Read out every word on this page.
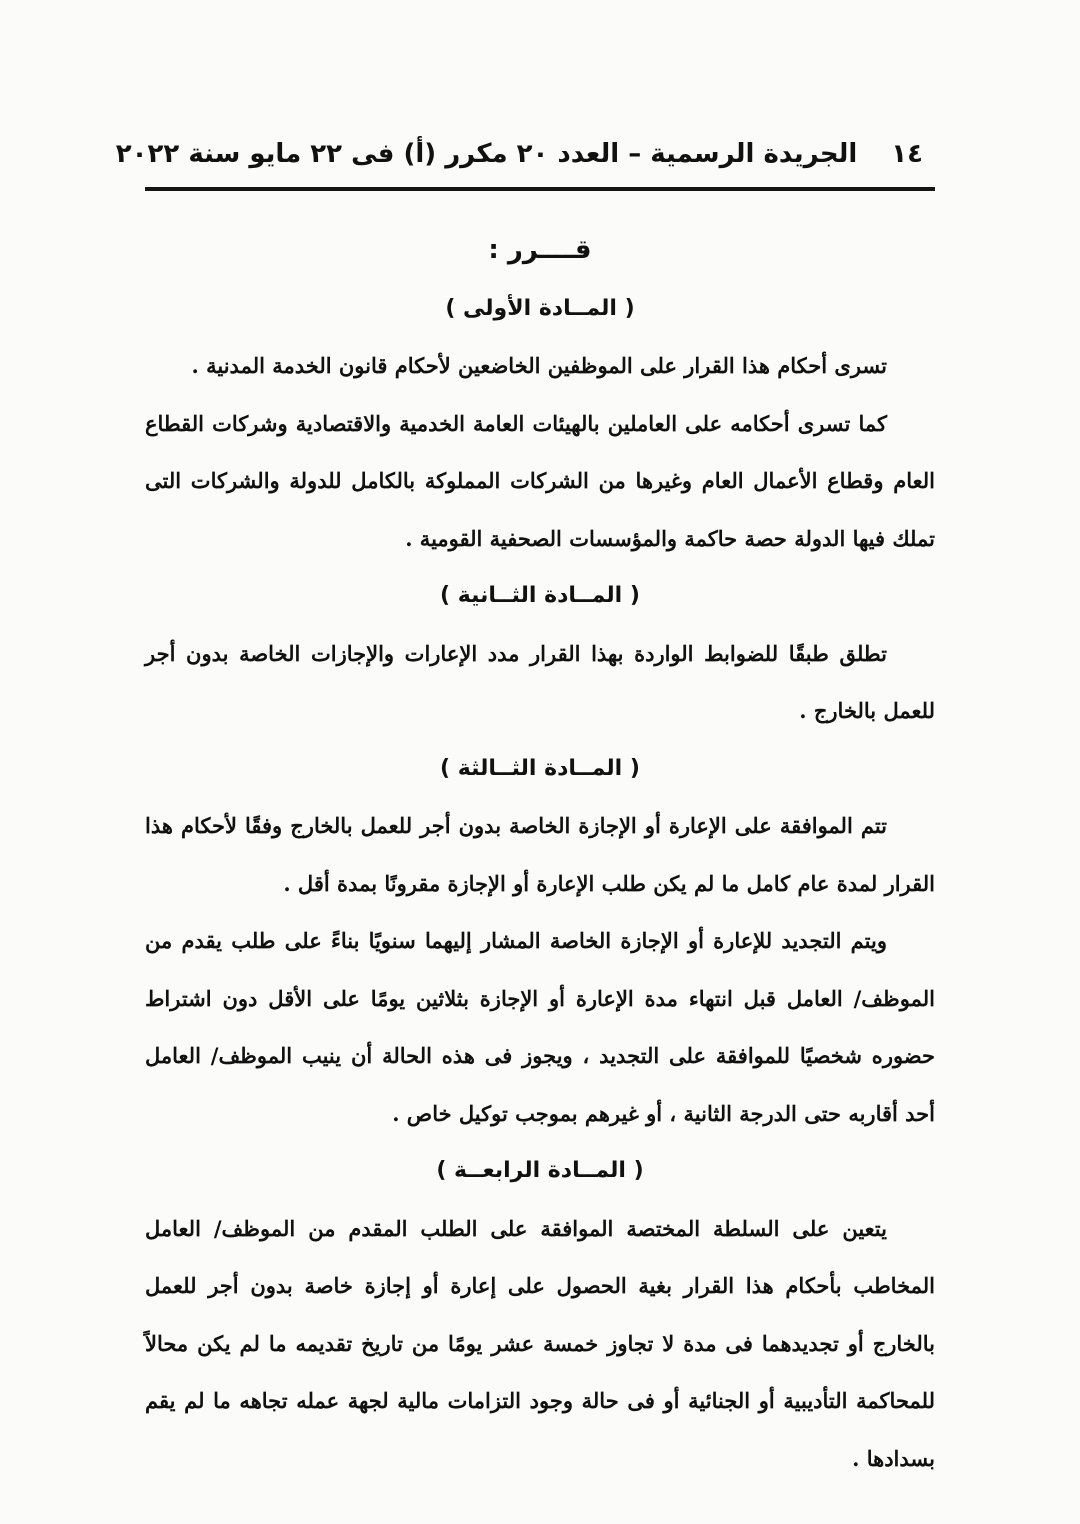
١٤
الجريدة الرسمية – العدد ٢٠ مكرر (أ) فى ٢٢ مايو سنة ٢٠٢٢
قــــرر :
( المــادة الأولى )

تسرى أحكام هذا القرار على الموظفين الخاضعين لأحكام قانون الخدمة المدنية .

كما تسرى أحكامه على العاملين بالهيئات العامة الخدمية والاقتصادية وشركات القطاع العام وقطاع الأعمال العام وغيرها من الشركات المملوكة بالكامل للدولة والشركات التى تملك فيها الدولة حصة حاكمة والمؤسسات الصحفية القومية .

( المــادة الثــانية )

تطلق طبقًا للضوابط الواردة بهذا القرار مدد الإعارات والإجازات الخاصة بدون أجر للعمل بالخارج .

( المــادة الثــالثة )

تتم الموافقة على الإعارة أو الإجازة الخاصة بدون أجر للعمل بالخارج وفقًا لأحكام هذا القرار لمدة عام كامل ما لم يكن طلب الإعارة أو الإجازة مقرونًا بمدة أقل .

ويتم التجديد للإعارة أو الإجازة الخاصة المشار إليهما سنويًا بناءً على طلب يقدم من الموظف/ العامل قبل انتهاء مدة الإعارة أو الإجازة بثلاثين يومًا على الأقل دون اشتراط حضوره شخصيًا للموافقة على التجديد ، ويجوز فى هذه الحالة أن ينيب الموظف/ العامل أحد أقاربه حتى الدرجة الثانية ، أو غيرهم بموجب توكيل خاص .

( المــادة الرابعــة )

يتعين على السلطة المختصة الموافقة على الطلب المقدم من الموظف/ العامل المخاطب بأحكام هذا القرار بغية الحصول على إعارة أو إجازة خاصة بدون أجر للعمل بالخارج أو تجديدهما فى مدة لا تجاوز خمسة عشر يومًا من تاريخ تقديمه ما لم يكن محالاً للمحاكمة التأديبية أو الجنائية أو فى حالة وجود التزامات مالية لجهة عمله تجاهه ما لم يقم بسدادها .
